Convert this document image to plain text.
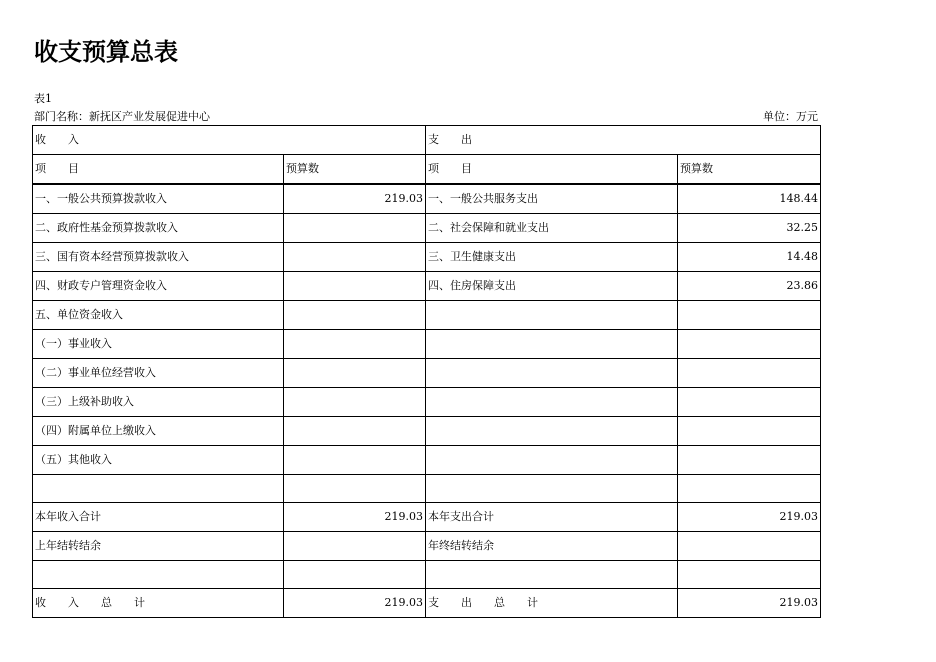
收支预算总表
表1
部门名称：新抚区产业发展促进中心	单位：万元
收　　入		支　　出	
项　　目	预算数	项　　目	预算数
一、一般公共预算拨款收入	219.03	一、一般公共服务支出	148.44
二、政府性基金预算拨款收入		二、社会保障和就业支出	32.25
三、国有资本经营预算拨款收入		三、卫生健康支出	14.48
四、财政专户管理资金收入		四、住房保障支出	23.86
五、单位资金收入			
（一）事业收入			
（二）事业单位经营收入			
（三）上级补助收入			
（四）附属单位上缴收入			
（五）其他收入			

本年收入合计	219.03	本年支出合计	219.03
上年结转结余		年终结转结余	

收　　入　　总　　计	219.03	支　　出　　总　　计	219.03
